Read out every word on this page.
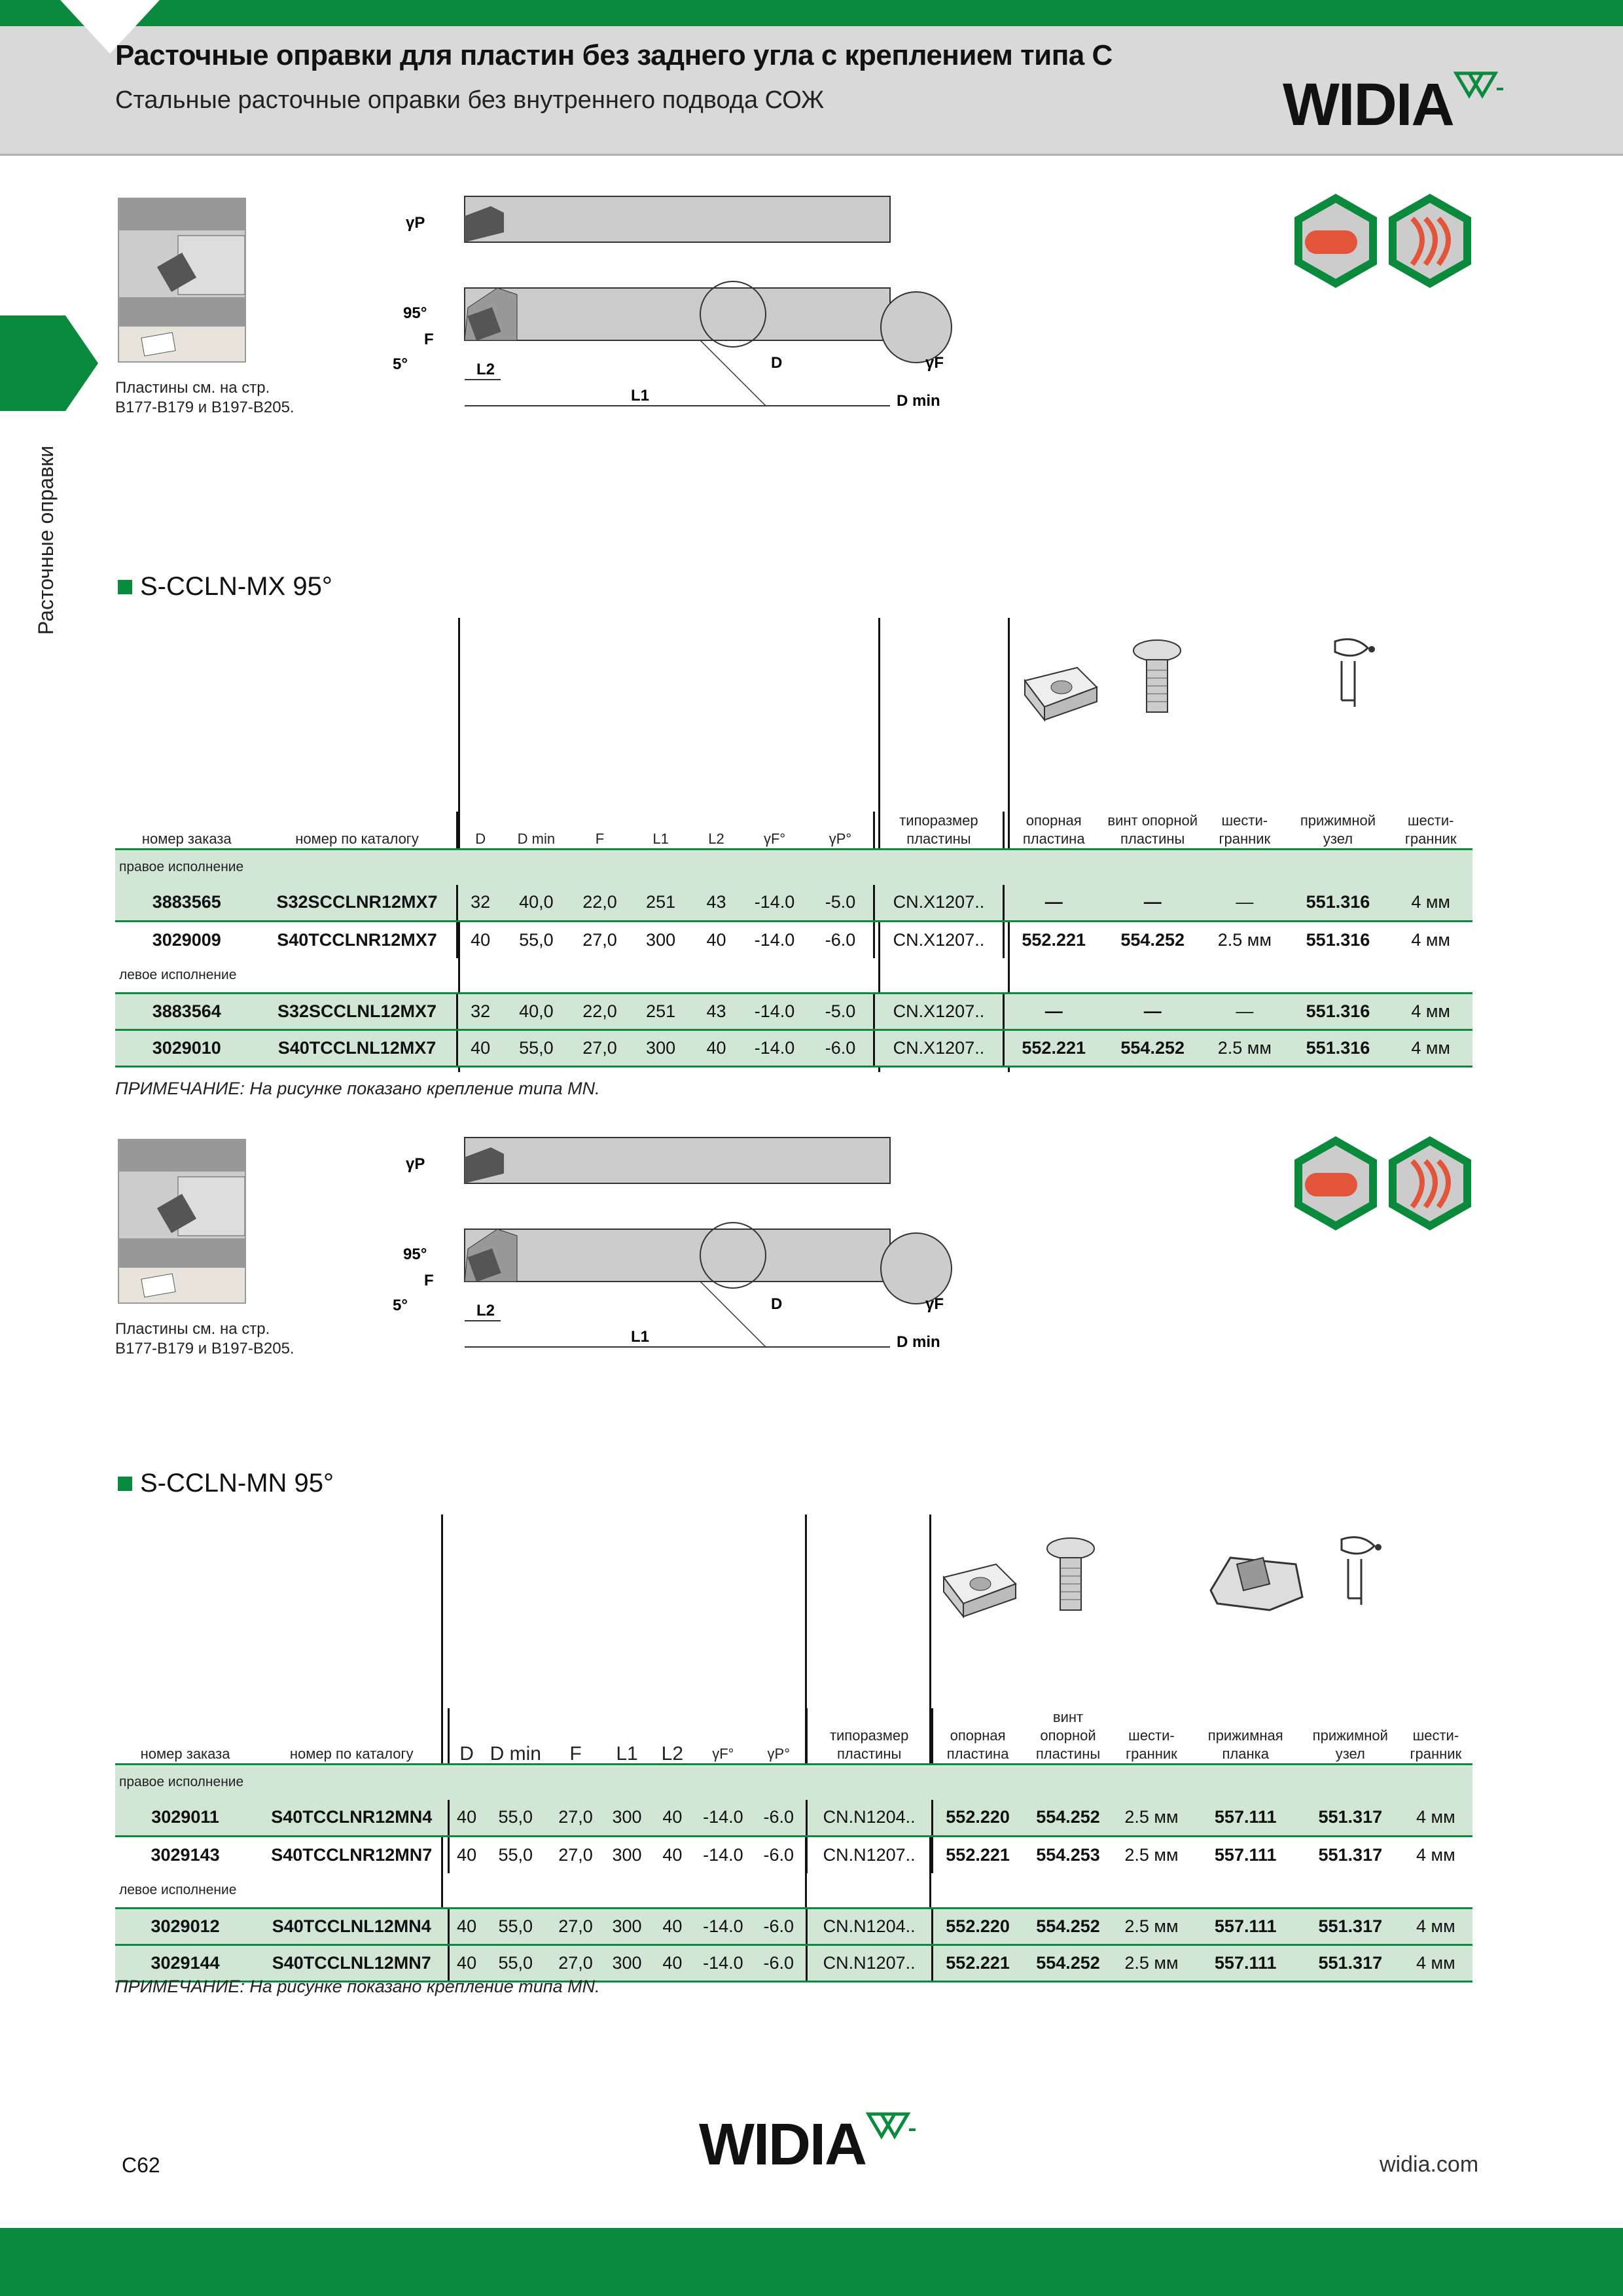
Расточные оправки для пластин без заднего угла с креплением типа С
Стальные расточные оправки без внутреннего подвода СОЖ	WIDIA
Расточные оправки
Пластины см. на стр.
B177-B179 и B197-B205.
γP
95°
F
5°	L2
L1
D	γF
D min
S-CCLN-MX 95°
номер заказа	номер по каталогу	D	D min	F	L1	L2	γF°	γP°	типоразмер пластины	опорная пластина	винт опорной пластины	шести-гранник	прижимной узел	шести-гранник
правое исполнение														
3883565	S32SCCLNR12MX7	32	40,0	22,0	251	43	-14.0	-5.0	CN.X1207..	—	—	—	551.316	4 мм
3029009	S40TCCLNR12MX7	40	55,0	27,0	300	40	-14.0	-6.0	CN.X1207..	552.221	554.252	2.5 мм	551.316	4 мм
левое исполнение														
3883564	S32SCCLNL12MX7	32	40,0	22,0	251	43	-14.0	-5.0	CN.X1207..	—	—	—	551.316	4 мм
3029010	S40TCCLNL12MX7	40	55,0	27,0	300	40	-14.0	-6.0	CN.X1207..	552.221	554.252	2.5 мм	551.316	4 мм
ПРИМЕЧАНИЕ: На рисунке показано крепление типа MN.
Пластины см. на стр.
B177-B179 и B197-B205.
γP
95°
F
5°	L2
L1
D	γF
D min
S-CCLN-MN 95°
номер заказа	номер по каталогу	D	D min	F	L1	L2	γF°	γP°	типоразмер пластины	опорная пластина	винт опорной пластины	шести-гранник	прижимная планка	прижимной узел	шести-гранник
правое исполнение															
3029011	S40TCCLNR12MN4	40	55,0	27,0	300	40	-14.0	-6.0	CN.N1204..	552.220	554.252	2.5 мм	557.111	551.317	4 мм
3029143	S40TCCLNR12MN7	40	55,0	27,0	300	40	-14.0	-6.0	CN.N1207..	552.221	554.253	2.5 мм	557.111	551.317	4 мм
левое исполнение															
3029012	S40TCCLNL12MN4	40	55,0	27,0	300	40	-14.0	-6.0	CN.N1204..	552.220	554.252	2.5 мм	557.111	551.317	4 мм
3029144	S40TCCLNL12MN7	40	55,0	27,0	300	40	-14.0	-6.0	CN.N1207..	552.221	554.252	2.5 мм	557.111	551.317	4 мм
ПРИМЕЧАНИЕ: На рисунке показано крепление типа MN.
WIDIA
C62	widia.com
